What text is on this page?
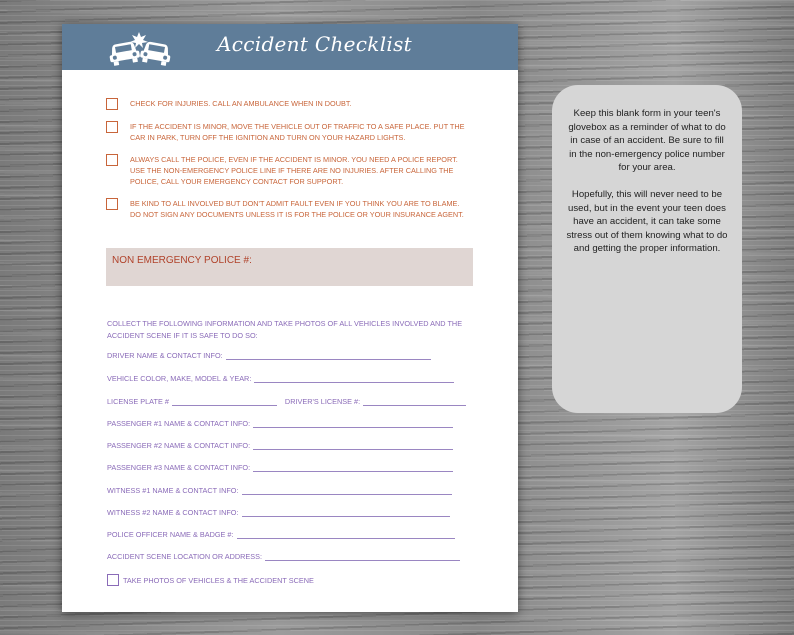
Accident Checklist
CHECK FOR INJURIES. CALL AN AMBULANCE WHEN IN DOUBT.
IF THE ACCIDENT IS MINOR, MOVE THE VEHICLE OUT OF TRAFFIC TO A SAFE PLACE. PUT THE CAR IN PARK, TURN OFF THE IGNITION AND TURN ON YOUR HAZARD LIGHTS.
ALWAYS CALL THE POLICE, EVEN IF THE ACCIDENT IS MINOR. YOU NEED A POLICE REPORT. USE THE NON-EMERGENCY POLICE LINE IF THERE ARE NO INJURIES. AFTER CALLING THE POLICE, CALL YOUR EMERGENCY CONTACT FOR SUPPORT.
BE KIND TO ALL INVOLVED BUT DON'T ADMIT FAULT EVEN IF YOU THINK YOU ARE TO BLAME. DO NOT SIGN ANY DOCUMENTS UNLESS IT IS FOR THE POLICE OR YOUR INSURANCE AGENT.
NON EMERGENCY POLICE #:
COLLECT THE FOLLOWING INFORMATION AND TAKE PHOTOS OF ALL VEHICLES INVOLVED AND THE ACCIDENT SCENE IF IT IS SAFE TO DO SO:
DRIVER NAME & CONTACT INFO:
VEHICLE COLOR, MAKE, MODEL & YEAR:
LICENSE PLATE #	DRIVER'S LICENSE #:
PASSENGER #1 NAME & CONTACT INFO:
PASSENGER #2 NAME & CONTACT INFO:
PASSENGER #3 NAME & CONTACT INFO:
WITNESS #1 NAME & CONTACT INFO:
WITNESS #2 NAME & CONTACT INFO:
POLICE OFFICER NAME & BADGE #:
ACCIDENT SCENE LOCATION OR ADDRESS:
TAKE PHOTOS OF VEHICLES & THE ACCIDENT SCENE

Keep this blank form in your teen's glovebox as a reminder of what to do in case of an accident. Be sure to fill in the non-emergency police number for your area.

Hopefully, this will never need to be used, but in the event your teen does have an accident, it can take some stress out of them knowing what to do and getting the proper information.
